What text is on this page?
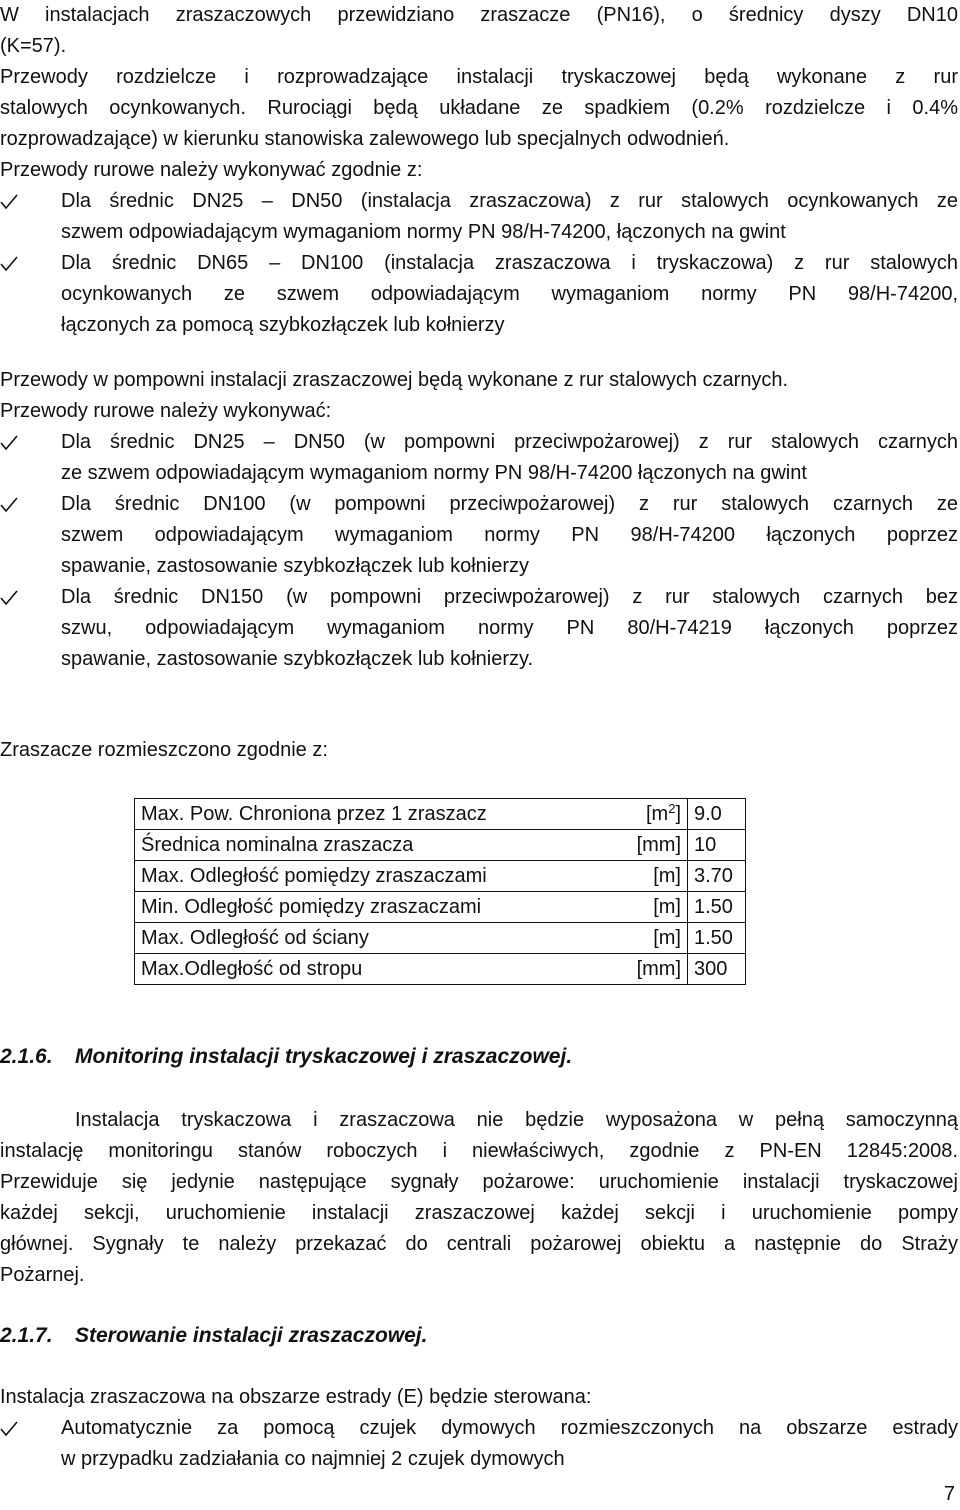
W instalacjach zraszaczowych przewidziano zraszacze (PN16), o średnicy dyszy DN10
(K=57).
Przewody rozdzielcze i rozprowadzające instalacji tryskaczowej będą wykonane z rur
stalowych ocynkowanych. Rurociągi będą układane ze spadkiem (0.2% rozdzielcze i 0.4%
rozprowadzające) w kierunku stanowiska zalewowego lub specjalnych odwodnień.
Przewody rurowe należy wykonywać zgodnie z:
Dla średnic DN25 – DN50 (instalacja zraszaczowa) z rur stalowych ocynkowanych ze
szwem odpowiadającym wymaganiom normy PN 98/H-74200, łączonych na gwint
Dla średnic DN65 – DN100 (instalacja zraszaczowa i tryskaczowa) z rur stalowych
ocynkowanych ze szwem odpowiadającym wymaganiom normy PN 98/H-74200,
łączonych za pomocą szybkozłączek lub kołnierzy
Przewody w pompowni instalacji zraszaczowej będą wykonane z rur stalowych czarnych.
Przewody rurowe należy wykonywać:
Dla średnic DN25 – DN50 (w pompowni przeciwpożarowej) z rur stalowych czarnych
ze szwem odpowiadającym wymaganiom normy PN 98/H-74200 łączonych na gwint
Dla średnic DN100 (w pompowni przeciwpożarowej) z rur stalowych czarnych ze
szwem odpowiadającym wymaganiom normy PN 98/H-74200 łączonych poprzez
spawanie, zastosowanie szybkozłączek lub kołnierzy
Dla średnic DN150 (w pompowni przeciwpożarowej) z rur stalowych czarnych bez
szwu, odpowiadającym wymaganiom normy PN 80/H-74219 łączonych poprzez
spawanie, zastosowanie szybkozłączek lub kołnierzy.
Zraszacze rozmieszczono zgodnie z:
Max. Pow. Chroniona przez 1 zraszacz $[m^2]$	9.0
Średnica nominalna zraszacza [mm]	10
Max. Odległość pomiędzy zraszaczami [m]	3.70
Min. Odległość pomiędzy zraszaczami [m]	1.50
Max. Odległość od ściany [m]	1.50
Max.Odległość od stropu [mm]	300
2.1.6. Monitoring instalacji tryskaczowej i zraszaczowej.
Instalacja tryskaczowa i zraszaczowa nie będzie wyposażona w pełną samoczynną
instalację monitoringu stanów roboczych i niewłaściwych, zgodnie z PN-EN 12845:2008.
Przewiduje się jedynie następujące sygnały pożarowe: uruchomienie instalacji tryskaczowej
każdej sekcji, uruchomienie instalacji zraszaczowej każdej sekcji i uruchomienie pompy
głównej. Sygnały te należy przekazać do centrali pożarowej obiektu a następnie do Straży
Pożarnej.
2.1.7. Sterowanie instalacji zraszaczowej.
Instalacja zraszaczowa na obszarze estrady (E) będzie sterowana:
Automatycznie za pomocą czujek dymowych rozmieszczonych na obszarze estrady
w przypadku zadziałania co najmniej 2 czujek dymowych
7
